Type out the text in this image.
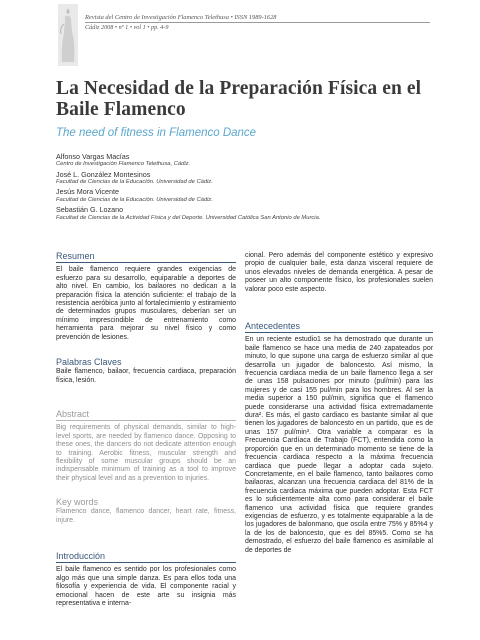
Revista del Centro de Investigación Flamenco Telethusa • ISSN 1989-1628
Cádiz 2008 • nº 1 • vol 1 • pp. 4-9
La Necesidad de la Preparación Física en el Baile Flamenco
The need of fitness in Flamenco Dance
Alfonso Vargas Macías
Centro de Investigación Flamenco Telethusa, Cádiz.
José L. González Montesinos
Facultad de Ciencias de la Educación. Universidad de Cádiz.
Jesús Mora Vicente
Facultad de Ciencias de la Educación. Universidad de Cádiz.
Sebastián G. Lozano
Facultad de Ciencias de la Actividad Física y del Deporte. Universidad Católica San Antonio de Murcia.
Resumen

El baile flamenco requiere grandes exigencias de esfuerzo para su desarrollo, equiparable a deportes de alto nivel. En cambio, los bailaores no dedican a la preparación física la atención suficiente: el trabajo de la resistencia aeróbica junto al fortalecimiento y estiramiento de determinados grupos musculares, deberían ser un mínimo imprescindible de entrenamiento como herramienta para mejorar su nivel físico y como prevención de lesiones.

Palabras Claves

Baile flamenco, bailaor, frecuencia cardiaca, preparación física, lesión.

Abstract

Big requirements of physical demands, similar to high-level sports, are needed by flamenco dance. Opposing to these ones, the dancers do not dedicate attention enough to training. Aerobic fitness, muscular strength and flexibility of some muscular groups should be an indispensable minimum of training as a tool to improve their physical level and as a prevention to injuries.

Key words

Flamenco dance, flamenco dancer, heart rate, fitness, injure.

Introducción

El baile flamenco es sentido por los profesionales como algo más que una simple danza. Es para ellos toda una filosofía y experiencia de vida. El componente racial y emocional hacen de este arte su insignia más representativa e interna-

cional. Pero además del componente estético y expresivo propio de cualquier baile, esta danza visceral requiere de unos elevados niveles de demanda energética. A pesar de poseer un alto componente físico, los profesionales suelen valorar poco este aspecto.

Antecedentes

En un reciente estudio1 se ha demostrado que durante un baile flamenco se hace una media de 240 zapateados por minuto, lo que supone una carga de esfuerzo similar al que desarrolla un jugador de baloncesto. Así mismo, la frecuencia cardiaca media de un baile flamenco llega a ser de unas 158 pulsaciones por minuto (pul/min) para las mujeres y de casi 155 pul/min para los hombres. Al ser la media superior a 150 pul/min, significa que el flamenco puede considerarse una actividad física extremadamente dura². Es más, el gasto cardiaco es bastante similar al que tienen los jugadores de baloncesto en un partido, que es de unas 157 pul/min³. Otra variable a comparar es la Frecuencia Cardíaca de Trabajo (FCT), entendida como la proporción que en un determinado momento se tiene de la frecuencia cardiaca respecto a la máxima frecuencia cardiaca que puede llegar a adoptar cada sujeto. Concretamente, en el baile flamenco, tanto bailaores como bailaoras, alcanzan una frecuencia cardiaca del 81% de la frecuencia cardiaca máxima que pueden adoptar. Esta FCT es lo suficientemente alta como para considerar el baile flamenco una actividad física que requiere grandes exigencias de esfuerzo, y es totalmente equiparable a la de los jugadores de balonmano, que oscila entre 75% y 85%4 y la de los de baloncesto, que es del 85%5. Como se ha demostrado, el esfuerzo del baile flamenco es asimilable al de deportes de
